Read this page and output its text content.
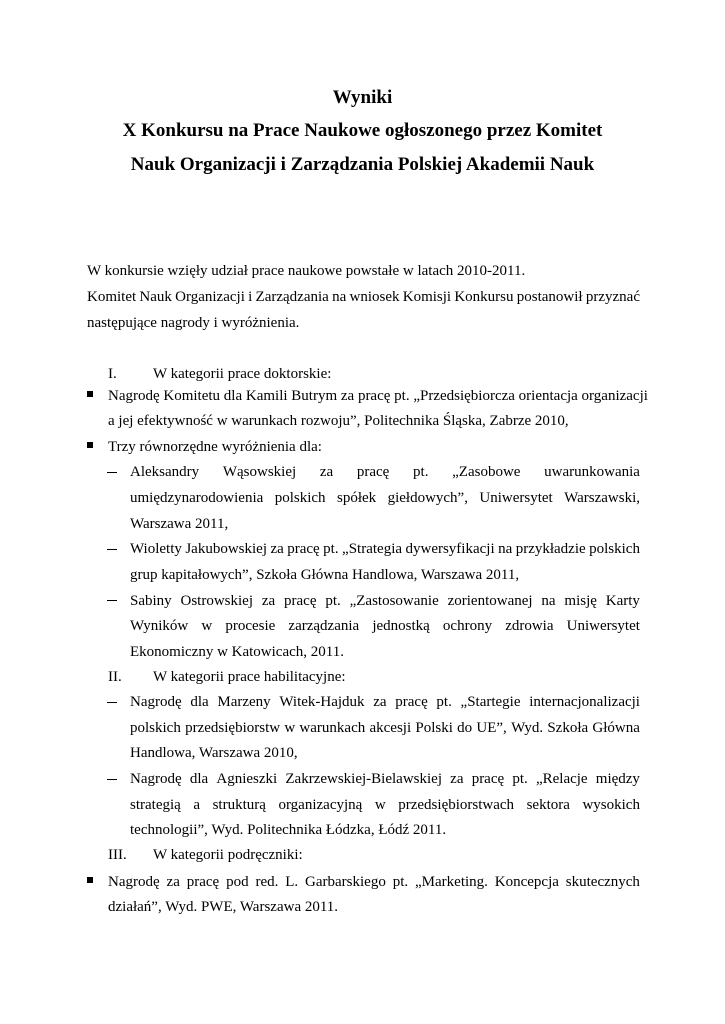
Wyniki
X Konkursu na Prace Naukowe ogłoszonego przez Komitet
Nauk Organizacji i Zarządzania Polskiej Akademii Nauk
W konkursie wzięły udział prace naukowe powstałe w latach 2010-2011.
Komitet Nauk Organizacji i Zarządzania na wniosek Komisji Konkursu postanowił przyznać
następujące nagrody i wyróżnienia.
I. W kategorii prace doktorskie:
Nagrodę Komitetu dla Kamili Butrym za pracę pt. „Przedsiębiorcza orientacja organizacji
a jej efektywność w warunkach rozwoju”, Politechnika Śląska, Zabrze 2010,
Trzy równorzędne wyróżnienia dla:
Aleksandry Wąsowskiej za pracę pt. „Zasobowe uwarunkowania
umiędzynarodowienia polskich spółek giełdowych”, Uniwersytet Warszawski,
Warszawa 2011,
Wioletty Jakubowskiej za pracę pt. „Strategia dywersyfikacji na przykładzie polskich
grup kapitałowych”, Szkoła Główna Handlowa, Warszawa 2011,
Sabiny Ostrowskiej za pracę pt. „Zastosowanie zorientowanej na misję Karty
Wyników w procesie zarządzania jednostką ochrony zdrowia Uniwersytet
Ekonomiczny w Katowicach, 2011.
II. W kategorii prace habilitacyjne:
Nagrodę dla Marzeny Witek-Hajduk za pracę pt. „Startegie internacjonalizacji
polskich przedsiębiorstw w warunkach akcesji Polski do UE”, Wyd. Szkoła Główna
Handlowa, Warszawa 2010,
Nagrodę dla Agnieszki Zakrzewskiej-Bielawskiej za pracę pt. „Relacje między
strategią a strukturą organizacyjną w przedsiębiorstwach sektora wysokich
technologii”, Wyd. Politechnika Łódzka, Łódź 2011.
III. W kategorii podręczniki:
Nagrodę za pracę pod red. L. Garbarskiego pt. „Marketing. Koncepcja skutecznych
działań”, Wyd. PWE, Warszawa 2011.
